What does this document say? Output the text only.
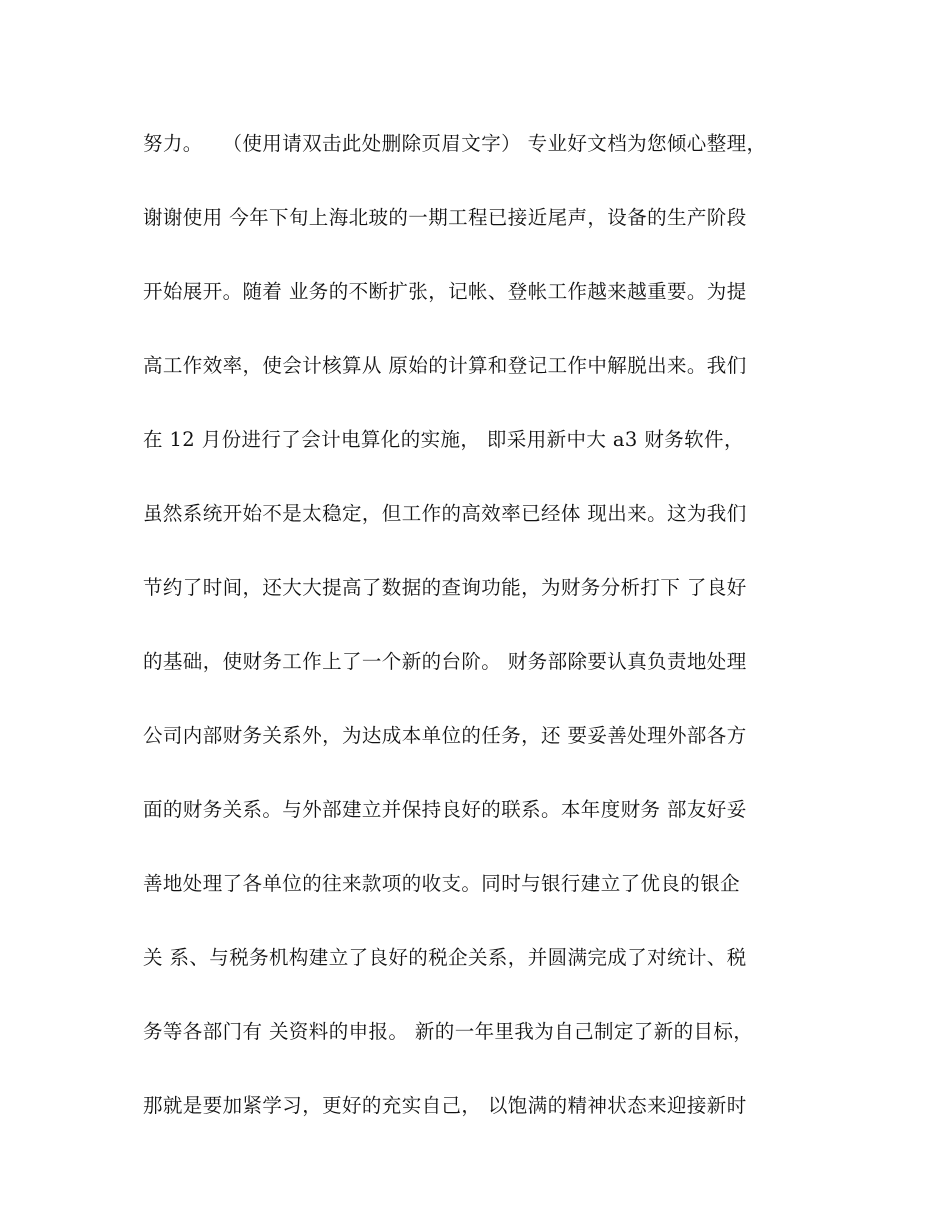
努力。   （使用请双击此处删除页眉文字） 专业好文档为您倾心整理，
谢谢使用 今年下旬上海北玻的一期工程已接近尾声，设备的生产阶段
开始展开。随着 业务的不断扩张，记帐、登帐工作越来越重要。为提
高工作效率，使会计核算从 原始的计算和登记工作中解脱出来。我们
在 12 月份进行了会计电算化的实施， 即采用新中大 a3 财务软件，
虽然系统开始不是太稳定，但工作的高效率已经体 现出来。这为我们
节约了时间，还大大提高了数据的查询功能，为财务分析打下 了良好
的基础，使财务工作上了一个新的台阶。 财务部除要认真负责地处理
公司内部财务关系外，为达成本单位的任务，还 要妥善处理外部各方
面的财务关系。与外部建立并保持良好的联系。本年度财务 部友好妥
善地处理了各单位的往来款项的收支。同时与银行建立了优良的银企
关 系、与税务机构建立了良好的税企关系，并圆满完成了对统计、税
务等各部门有 关资料的申报。 新的一年里我为自己制定了新的目标，
那就是要加紧学习，更好的充实自己， 以饱满的精神状态来迎接新时
